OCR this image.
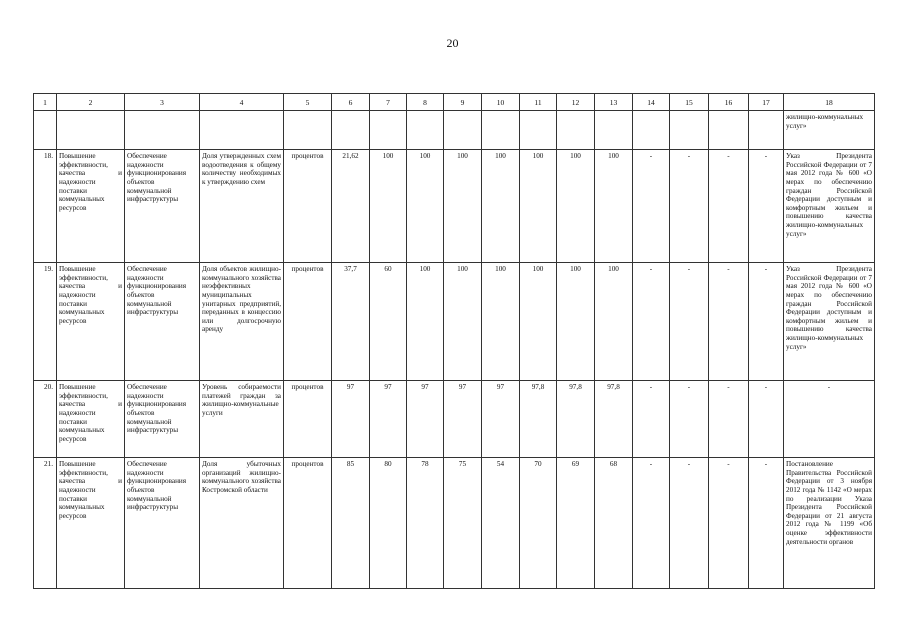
20
1	2	3	4	5	6	7	8	9	10	11	12	13	14	15	16	17	18
																	жилищно-коммунальных услуг»
18.	Повышение эффективности, качества и надежности поставки коммунальных ресурсов	Обеспечение надежности функционирования объектов коммунальной инфраструктуры	Доля утвержденных схем водоотведения к общему количеству необходимых к утверждению схем	процентов	21,62	100	100	100	100	100	100	100	-	-	-	-	Указ Президента Российской Федерации от 7 мая 2012 года № 600 «О мерах по обеспечению граждан Российской Федерации доступным и комфортным жильем и повышению качества жилищно-коммунальных услуг»
19.	Повышение эффективности, качества и надежности поставки коммунальных ресурсов	Обеспечение надежности функционирования объектов коммунальной инфраструктуры	Доля объектов жилищно-коммунального хозяйства неэффективных муниципальных унитарных предприятий, переданных в концессию или долгосрочную аренду	процентов	37,7	60	100	100	100	100	100	100	-	-	-	-	Указ Президента Российской Федерации от 7 мая 2012 года № 600 «О мерах по обеспечению граждан Российской Федерации доступным и комфортным жильем и повышению качества жилищно-коммунальных услуг»
20.	Повышение эффективности, качества и надежности поставки коммунальных ресурсов	Обеспечение надежности функционирования объектов коммунальной инфраструктуры	Уровень собираемости платежей граждан за жилищно-коммунальные услуги	процентов	97	97	97	97	97	97,8	97,8	97,8	-	-	-	-	-
21.	Повышение эффективности, качества и надежности поставки коммунальных ресурсов	Обеспечение надежности функционирования объектов коммунальной инфраструктуры	Доля убыточных организаций жилищно-коммунального хозяйства Костромской области	процентов	85	80	78	75	54	70	69	68	-	-	-	-	Постановление Правительства Российской Федерации от 3 ноября 2012 года № 1142 «О мерах по реализации Указа Президента Российской Федерации от 21 августа 2012 года № 1199 «Об оценке эффективности деятельности органов
